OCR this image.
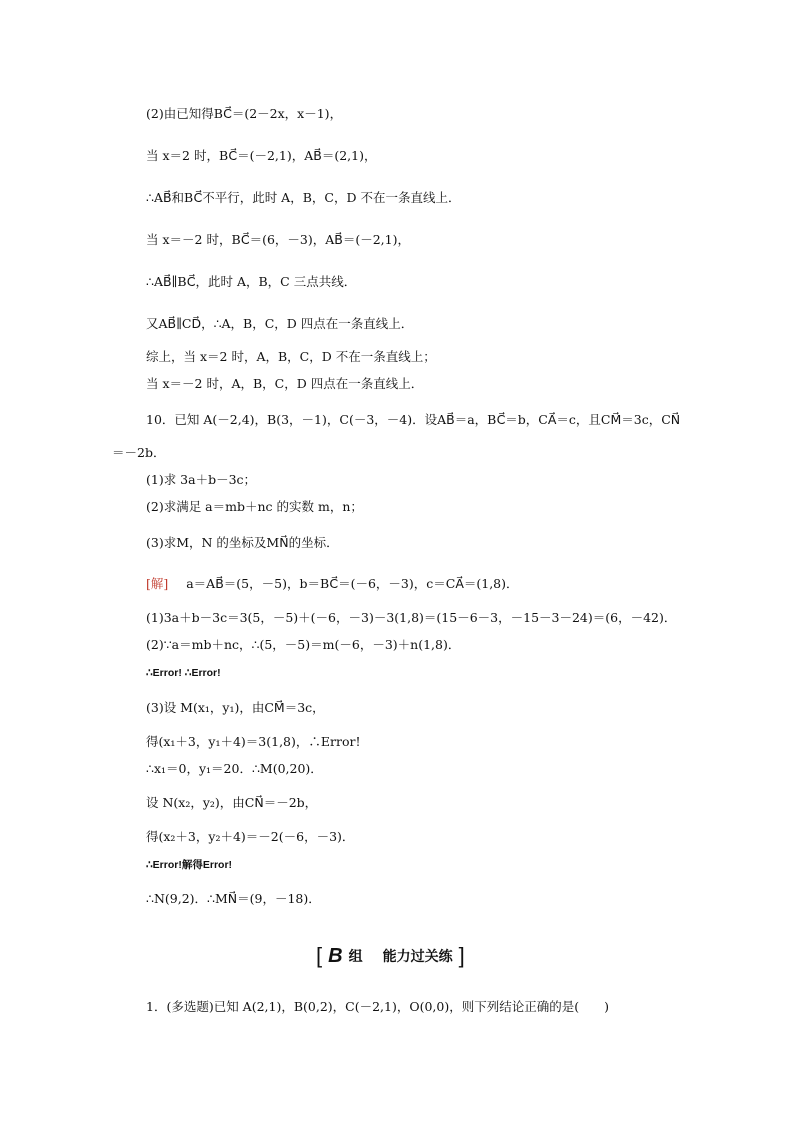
(2)由已知得BC⃗＝(2－2x，x－1)，
当 x＝2 时，BC⃗＝(－2,1)，AB⃗＝(2,1)，
∴AB⃗和BC⃗不平行，此时 A，B，C，D 不在一条直线上．
当 x＝－2 时，BC⃗＝(6，－3)，AB⃗＝(－2,1)，
∴AB⃗∥BC⃗，此时 A，B，C 三点共线．
又AB⃗∥CD⃗，∴A，B，C，D 四点在一条直线上．
综上，当 x＝2 时，A，B，C，D 不在一条直线上；
当 x＝－2 时，A，B，C，D 四点在一条直线上．
10．已知 A(－2,4)，B(3，－1)，C(－3，－4)．设AB⃗＝a，BC⃗＝b，CA⃗＝c，且CM⃗＝3c，CN⃗
＝－2b．
(1)求 3a＋b－3c；
(2)求满足 a＝mb＋nc 的实数 m，n；
(3)求M，N 的坐标及MN⃗的坐标．
[解] a＝AB⃗＝(5，－5)，b＝BC⃗＝(－6，－3)，c＝CA⃗＝(1,8)．
(1)3a＋b－3c＝3(5，－5)＋(－6，－3)－3(1,8)＝(15－6－3，－15－3－24)＝(6，－42)．
(2)∵a＝mb＋nc，∴(5，－5)＝m(－6，－3)＋n(1,8)．
∴Error! ∴Error!
(3)设 M(x₁，y₁)，由CM⃗＝3c，
得(x₁＋3，y₁＋4)＝3(1,8)，∴Error!
∴x₁＝0，y₁＝20．∴M(0,20)．
设 N(x₂，y₂)，由CN⃗＝－2b，
得(x₂＋3，y₂＋4)＝－2(－6，－3)．
∴Error!解得Error!
∴N(9,2)．∴MN⃗＝(9，－18)．
[ B 组 能力过关练 ]
1．(多选题)已知 A(2,1)，B(0,2)，C(－2,1)，O(0,0)，则下列结论正确的是(　　)
